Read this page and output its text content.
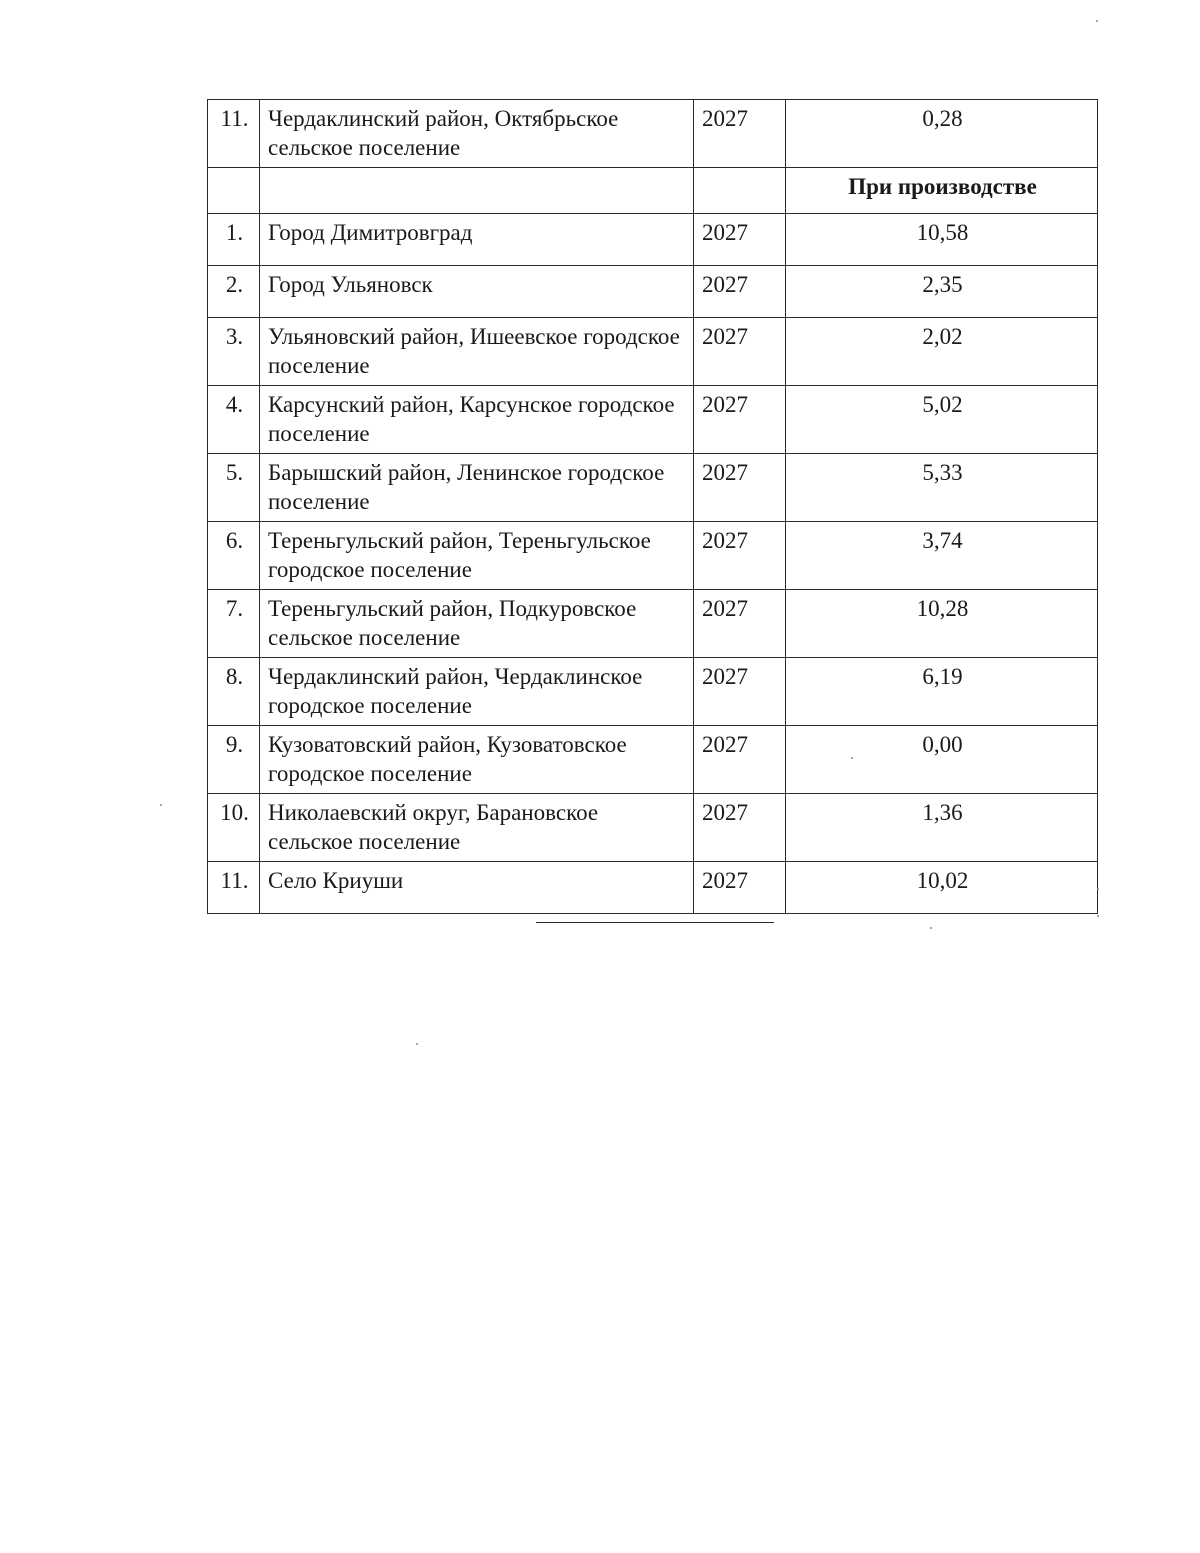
11.	Чердаклинский район, Октябрьское сельское поселение	2027	0,28
			При производстве
1.	Город Димитровград	2027	10,58
2.	Город Ульяновск	2027	2,35
3.	Ульяновский район, Ишеевское городское поселение	2027	2,02
4.	Карсунский район, Карсунское городское поселение	2027	5,02
5.	Барышский район, Ленинское городское поселение	2027	5,33
6.	Тереньгульский район, Тереньгульское городское поселение	2027	3,74
7.	Тереньгульский район, Подкуровское сельское поселение	2027	10,28
8.	Чердаклинский район, Чердаклинское городское поселение	2027	6,19
9.	Кузоватовский район, Кузоватовское городское поселение	2027	0,00
10.	Николаевский округ, Барановское сельское поселение	2027	1,36
11.	Село Криуши	2027	10,02
